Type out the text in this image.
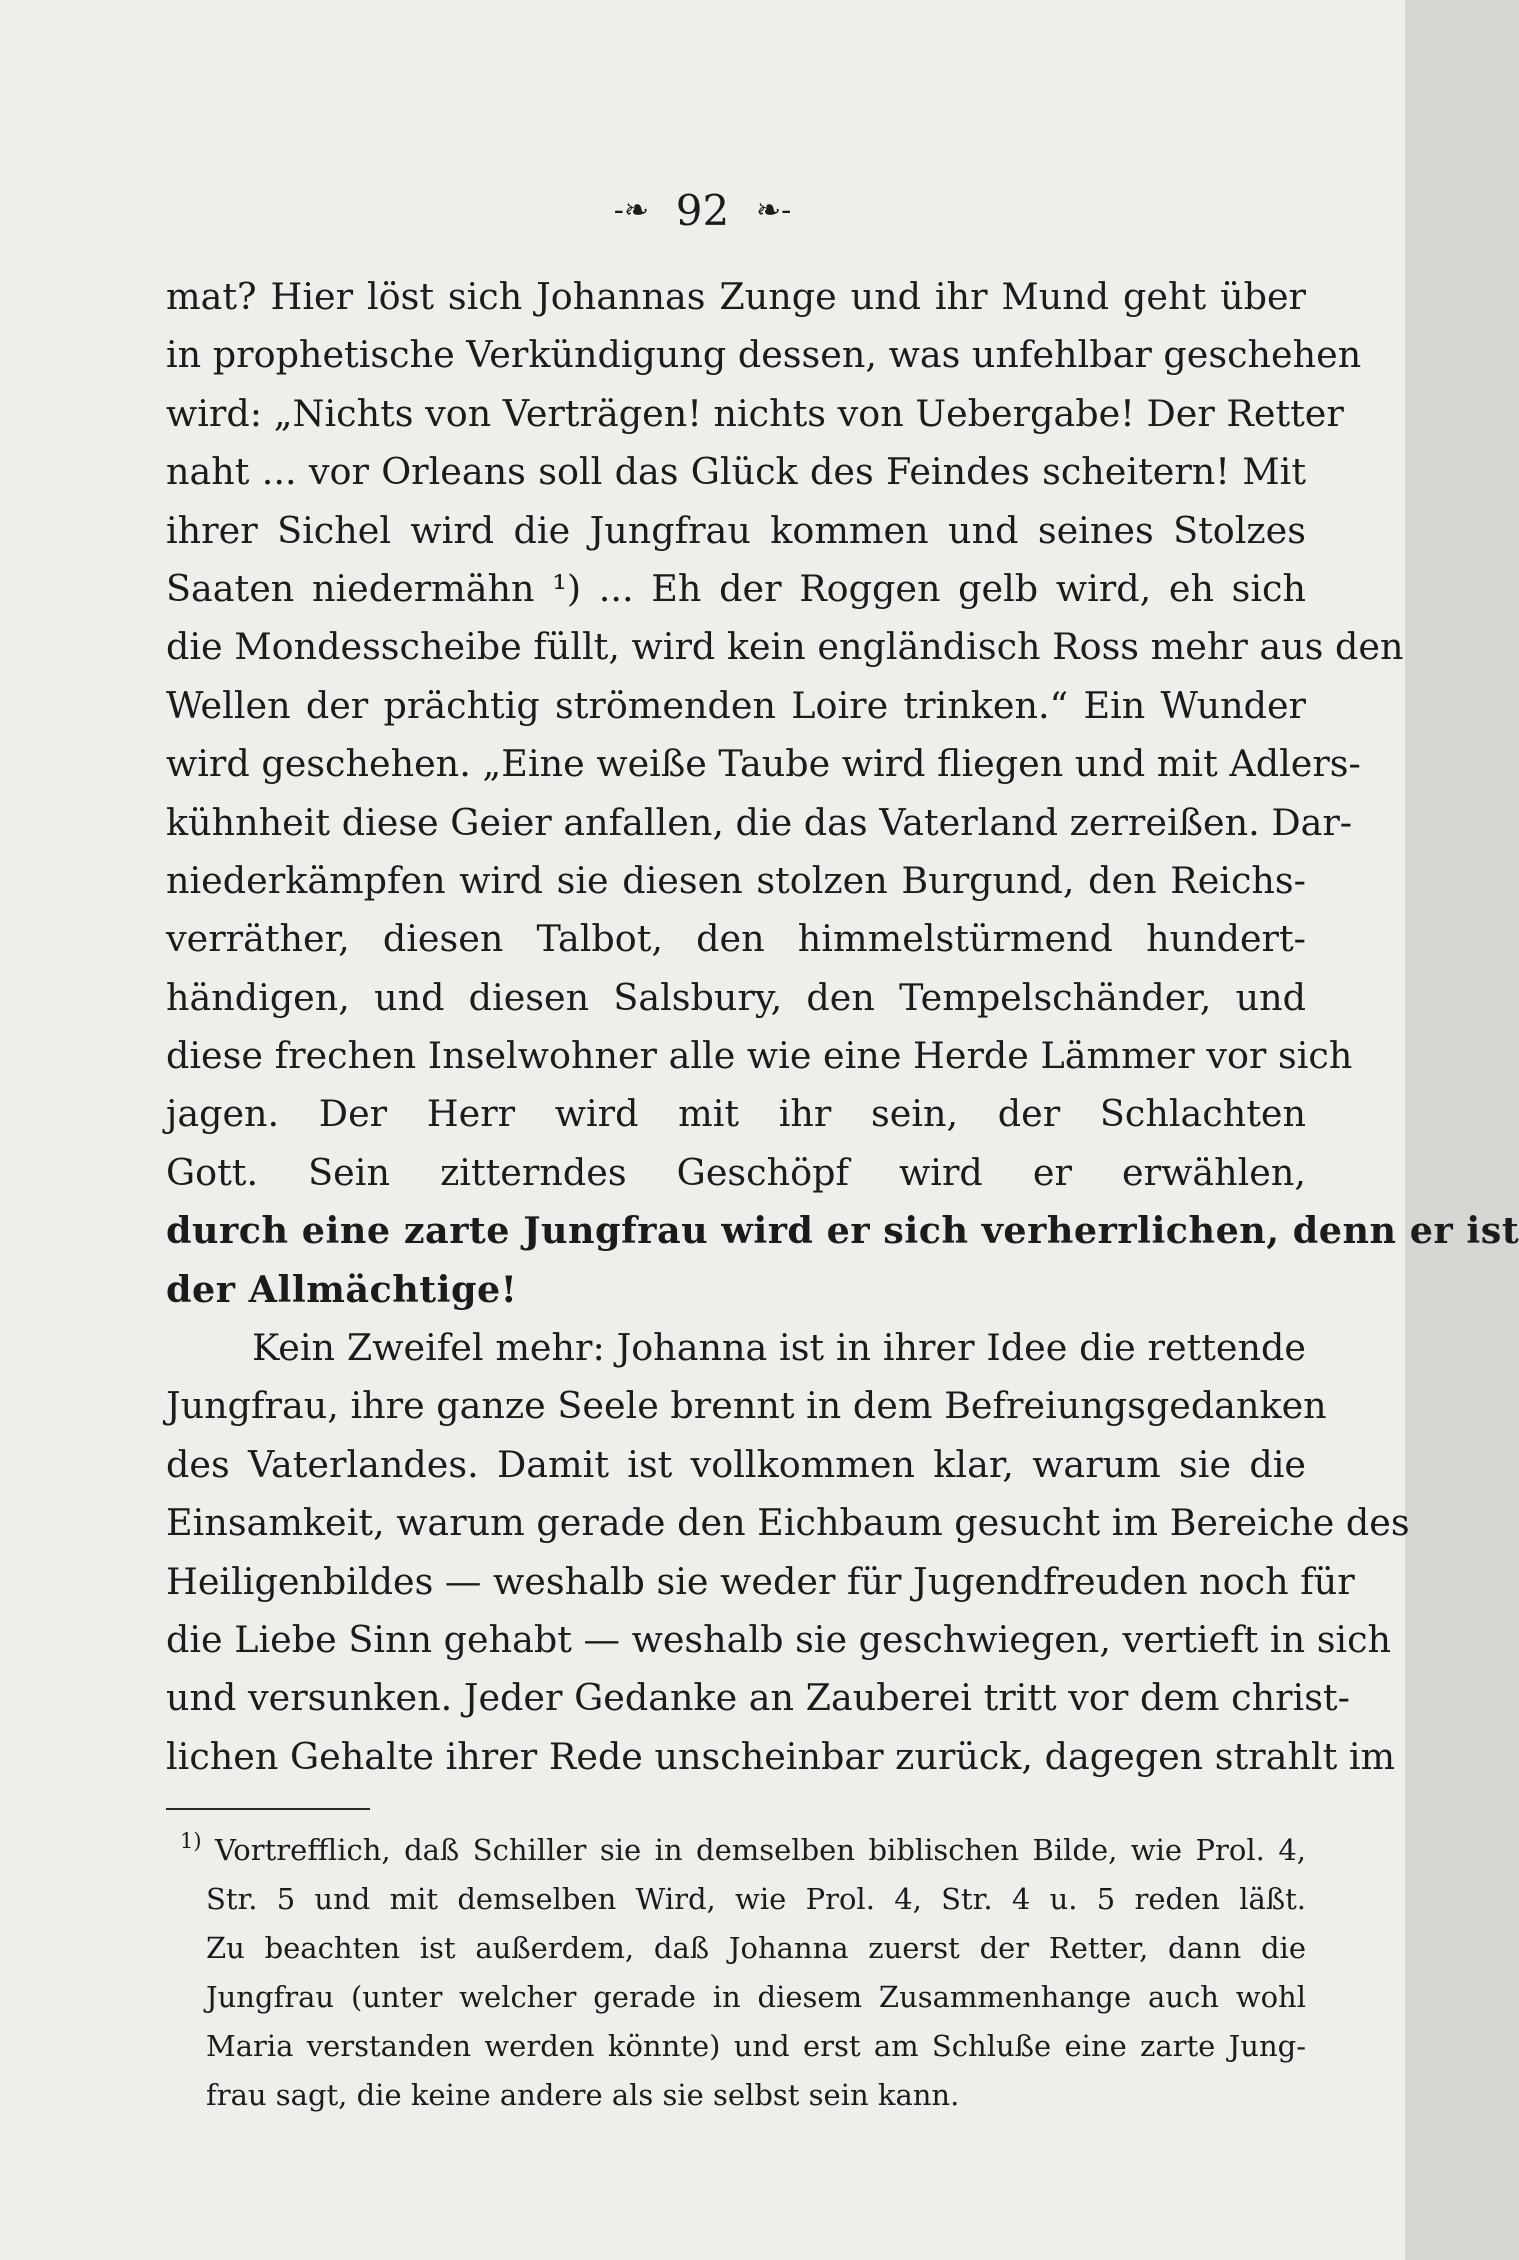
-❧ 92 ❧-
mat? Hier löst sich Johannas Zunge und ihr Mund geht über
in prophetische Verkündigung dessen, was unfehlbar geschehen
wird: „Nichts von Verträgen! nichts von Uebergabe! Der Retter
naht ... vor Orleans soll das Glück des Feindes scheitern! Mit
ihrer Sichel wird die Jungfrau kommen und seines Stolzes
Saaten niedermähn ¹) ... Eh der Roggen gelb wird, eh sich
die Mondesscheibe füllt, wird kein engländisch Ross mehr aus den
Wellen der prächtig strömenden Loire trinken.“ Ein Wunder
wird geschehen. „Eine weiße Taube wird fliegen und mit Adlers-
kühnheit diese Geier anfallen, die das Vaterland zerreißen. Dar-
niederkämpfen wird sie diesen stolzen Burgund, den Reichs-
verräther, diesen Talbot, den himmelstürmend hundert-
händigen, und diesen Salsbury, den Tempelschänder, und
diese frechen Inselwohner alle wie eine Herde Lämmer vor sich
jagen. Der Herr wird mit ihr sein, der Schlachten
Gott. Sein zitterndes Geschöpf wird er erwählen,
durch eine zarte Jungfrau wird er sich verherrlichen, denn er ist
der Allmächtige!
Kein Zweifel mehr: Johanna ist in ihrer Idee die rettende
Jungfrau, ihre ganze Seele brennt in dem Befreiungsgedanken
des Vaterlandes. Damit ist vollkommen klar, warum sie die
Einsamkeit, warum gerade den Eichbaum gesucht im Bereiche des
Heiligenbildes — weshalb sie weder für Jugendfreuden noch für
die Liebe Sinn gehabt — weshalb sie geschwiegen, vertieft in sich
und versunken. Jeder Gedanke an Zauberei tritt vor dem christ-
lichen Gehalte ihrer Rede unscheinbar zurück, dagegen strahlt im
$^{1)}$ Vortrefflich, daß Schiller sie in demselben biblischen Bilde, wie Prol. 4,
Str. 5 und mit demselben Wird, wie Prol. 4, Str. 4 u. 5 reden läßt.
Zu beachten ist außerdem, daß Johanna zuerst der Retter, dann die
Jungfrau (unter welcher gerade in diesem Zusammenhange auch wohl
Maria verstanden werden könnte) und erst am Schluße eine zarte Jung-
frau sagt, die keine andere als sie selbst sein kann.
